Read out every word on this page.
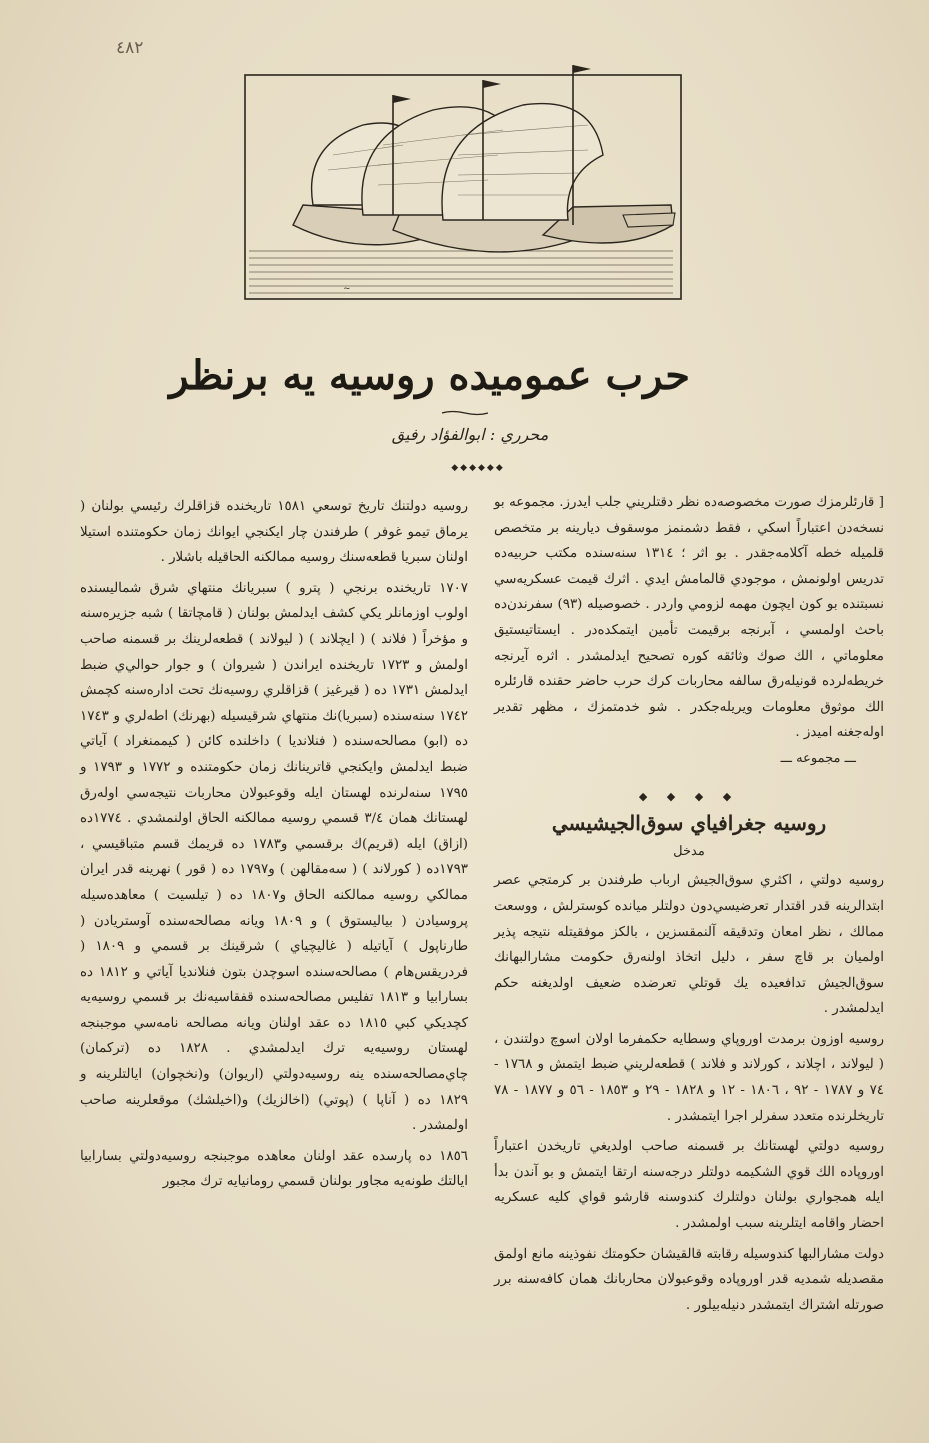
٤٨٢
~
حرب عموميده روسيه يه برنظر
محرري : ابوالفؤاد رفيق
◆◆◆◆◆◆

[ قارئلرمزك صورت مخصوصه‌ده نظر دقتلريني جلب ايدرز. مجموعه بو نسخه‌دن اعتباراً اسكي ، فقط دشمنمز موسقوف ديارينه بر متخصص قلميله خطه آكلامه‌جقدر . بو اثر ؛ ١٣١٤ سنه‌سنده مكتب حربيه‌ده تدريس اولونمش ، موجودي قالمامش ايدي . اثرك قيمت عسكريه‌سي نسبتنده بو كون ايچون مهمه لزومي واردر . خصوصيله (٩٣) سفرندن‌ده باحث اولمسي ، آبرنجه برقيمت تأمين ايتمكده‌در . ايستاتيستيق معلوماتي ، الك صوك وثائقه كوره تصحيح ايدلمشدر . اثره آيرنجه خريطه‌لرده قونيله‌رق سالفه محاربات كرك حرب حاضر حقنده قارئلره الك موثوق معلومات ويريله‌جكدر . شو خدمتمزك ، مظهر تقدير اوله‌جغنه اميدز .

ـــ مجموعه ـــ
◆ ◆ ◆ ◆
روسيه جغرافياي سوق‌الجيشيسي
مدخل

روسيه دولتي ، اكثري سوق‌الجيش ارباب طرفندن بر كرمتجي عصر ابتدالرينه قدر اقتدار تعرضيسي‌دون دولتلر ميانده كوسترلش ، ووسعت ممالك ، نظر امعان وتدقيقه آلنمقسزين ، بالكز موفقيتله نتيجه پذير اولميان بر قاچ سفر ، دليل اتخاذ اولنه‌رق حكومت مشارالبهانك سوق‌الجيش تدافعيده يك قوتلي تعرضده ضعيف اولديغنه حكم ايدلمشدر .

روسيه اوزون برمدت اوروپاي وسطايه حكمفرما اولان اسوچ دولتندن ، ( ليولاند ، اچلاند ، كورلاند و فلاند ) قطعه‌لريني ضبط ايتمش و ١٧٦٨ - ٧٤ و ١٧٨٧ - ٩٢ ، ١٨٠٦ - ١٢ و ١٨٢٨ - ٢٩ و ١٨٥٣ - ٥٦ و ١٨٧٧ - ٧٨ تاريخلرنده متعدد سفرلر اجرا ايتمشدر .

روسيه دولتي لهستانك بر قسمنه صاحب اولديغي تاريخدن اعتباراً اوروپاده الك قوي الشكيمه دولتلر درجه‌سنه ارتقا ايتمش و بو آندن بدأ ايله همجواري بولنان دولتلرك كندوسنه قارشو قواي كليه عسكريه احضار واقامه ايتلرينه سبب اولمشدر .

دولت مشارالبها كندوسيله رقابته قالقيشان حكومتك نفوذينه مانع اولمق مقصديله شمديه قدر اوروپاده وقوعبولان محاربانك همان كافه‌سنه برر صورتله اشتراك ايتمشدر دنيله‌بيلور .

روسيه دولتنك تاريخ توسعي ١٥٨١ تاريخنده قزاقلرك رئيسي بولنان ( يرماق تيمو غوفر ) طرفندن چار ايكنجي ايوانك زمان حكومتنده استيلا اولنان سبريا قطعه‌سنك روسيه ممالكنه الحاقيله باشلار .

١٧٠٧ تاريخنده برنجي ( پترو ) سبريانك منتهاي شرق شماليسنده اولوب اوزمانلر يكي كشف ايدلمش بولنان ( قامچاتقا ) شبه جزيره‌سنه و مؤخراً ( فلاند ) ( ايچلاند ) ( ليولاند ) قطعه‌لرينك بر قسمنه صاحب اولمش و ١٧٢٣ تاريخنده ايراندن ( شيروان ) و جوار حوالي‌ي ضبط ايدلمش ١٧٣١ ده ( قيرغيز ) قزاقلري روسيه‌نك تحت اداره‌سنه كچمش ١٧٤٢ سنه‌سنده (سبريا)نك منتهاي شرقيسيله (بهرنك) اطه‌لري و ١٧٤٣ ده (ابو) مصالحه‌سنده ( فنلانديا ) داخلنده كائن ( كيممنغراد ) آياتي ضبط ايدلمش وايكنجي قاترينانك زمان حكومتنده و ١٧٧٢ و ١٧٩٣ و ١٧٩٥ سنه‌لرنده لهستان ايله وقوعبولان محاربات نتيجه‌سي اوله‌رق لهستانك همان ٣/٤ قسمي روسيه ممالكنه الحاق اولنمشدي . ١٧٧٤ده (ازاق) ايله (قريم)ك برقسمي و١٧٨٣ ده قريمك قسم متباقيسي ، ١٧٩٣ده ( كورلاند ) ( سه‌مقالهن ) و١٧٩٧ ده ( قور ) نهرينه قدر ايران ممالكي روسيه ممالكنه الحاق و١٨٠٧ ده ( تيلسيت ) معاهده‌سيله پروسيادن ( بياليستوق ) و ١٨٠٩ ويانه مصالحه‌سنده آوستريادن ( طارناپول ) آياتيله ( غاليچياي ) شرقينك بر قسمي و ١٨٠٩ ( فردريقس‌هام ) مصالحه‌سنده اسوچدن بتون فنلانديا آياتي و ١٨١٢ ده بسارابيا و ١٨١٣ تفليس مصالحه‌سنده قفقاسيه‌نك بر قسمي روسيه‌يه كچديكي كبي ١٨١٥ ده عقد اولنان ويانه مصالحه نامه‌سي موجبنجه لهستان روسيه‌يه ترك ايدلمشدي . ١٨٢٨ ده (تركمان) چاي‌مصالحه‌سنده ينه روسيه‌دولتي (اريوان) و(نخچوان) ايالتلرينه و ١٨٢٩ ده ( آناپا ) (پوتي) (اخالزيك) و(اخيلشك) موقعلرينه صاحب اولمشدر .

١٨٥٦ ده پارسده عقد اولنان معاهده موجبنجه روسيه‌دولتي بسارابيا ايالتك طونه‌يه مجاور بولنان قسمي رومانيايه ترك مجبور
